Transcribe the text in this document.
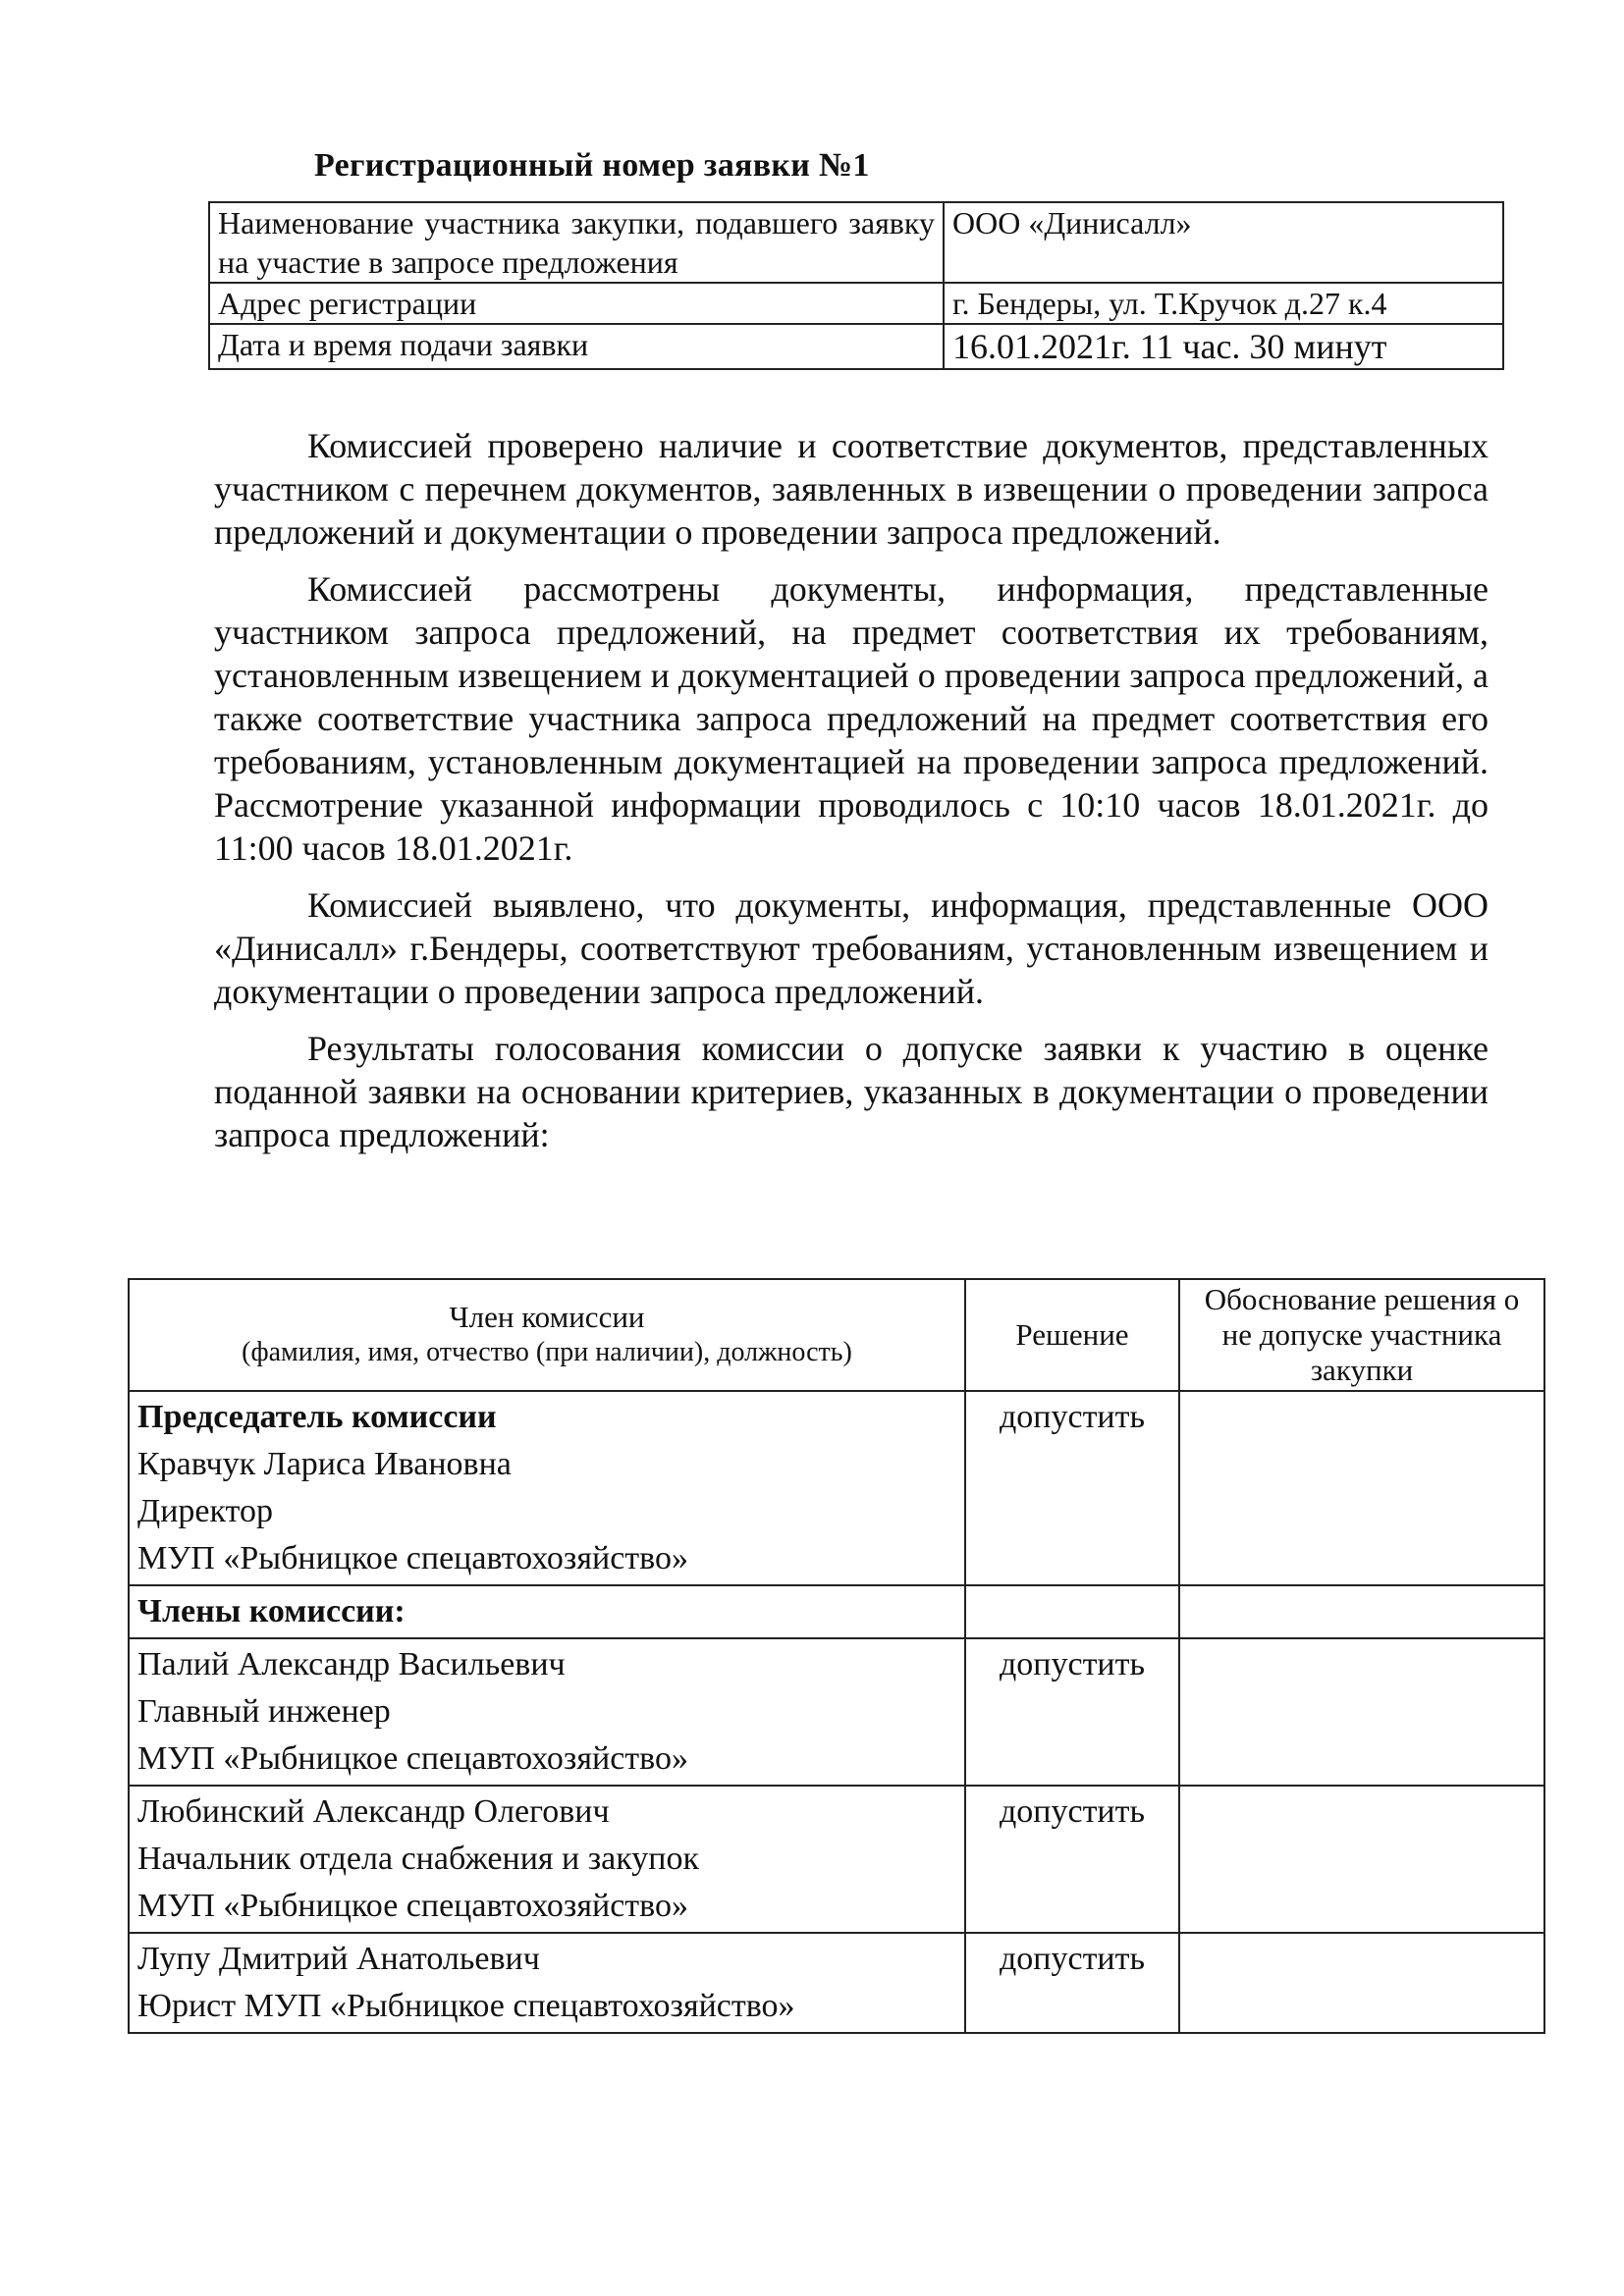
Регистрационный номер заявки №1
Наименование участника закупки, подавшего заявку на участие в запросе предложения	ООО «Динисалл»
Адрес регистрации	г. Бендеры, ул. Т.Кручок д.27 к.4
Дата и время подачи заявки	16.01.2021г. 11 час. 30 минут

Комиссией проверено наличие и соответствие документов, представленных участником с перечнем документов, заявленных в извещении о проведении запроса предложений и документации о проведении запроса предложений.

Комиссией рассмотрены документы, информация, представленные участником запроса предложений, на предмет соответствия их требованиям, установленным извещением и документацией о проведении запроса предложений, а также соответствие участника запроса предложений на предмет соответствия его требованиям, установленным документацией на проведении запроса предложений. Рассмотрение указанной информации проводилось с 10:10 часов 18.01.2021г. до 11:00 часов 18.01.2021г.

Комиссией выявлено, что документы, информация, представленные ООО «Динисалл» г.Бендеры, соответствуют требованиям, установленным извещением и документации о проведении запроса предложений.

Результаты голосования комиссии о допуске заявки к участию в оценке поданной заявки на основании критериев, указанных в документации о проведении запроса предложений:

Член комиссии
(фамилия, имя, отчество (при наличии), должность)	Решение	Обоснование решения о не допуске участника закупки

Председатель комиссии
Кравчук Лариса Ивановна
Директор
МУП «Рыбницкое спецавтохозяйство»	допустить	
Члены комиссии:		

Палий Александр Васильевич
Главный инженер
МУП «Рыбницкое спецавтохозяйство»	допустить	

Любинский Александр Олегович
Начальник отдела снабжения и закупок
МУП «Рыбницкое спецавтохозяйство»	допустить	

Лупу Дмитрий Анатольевич
Юрист МУП «Рыбницкое спецавтохозяйство»	допустить	
